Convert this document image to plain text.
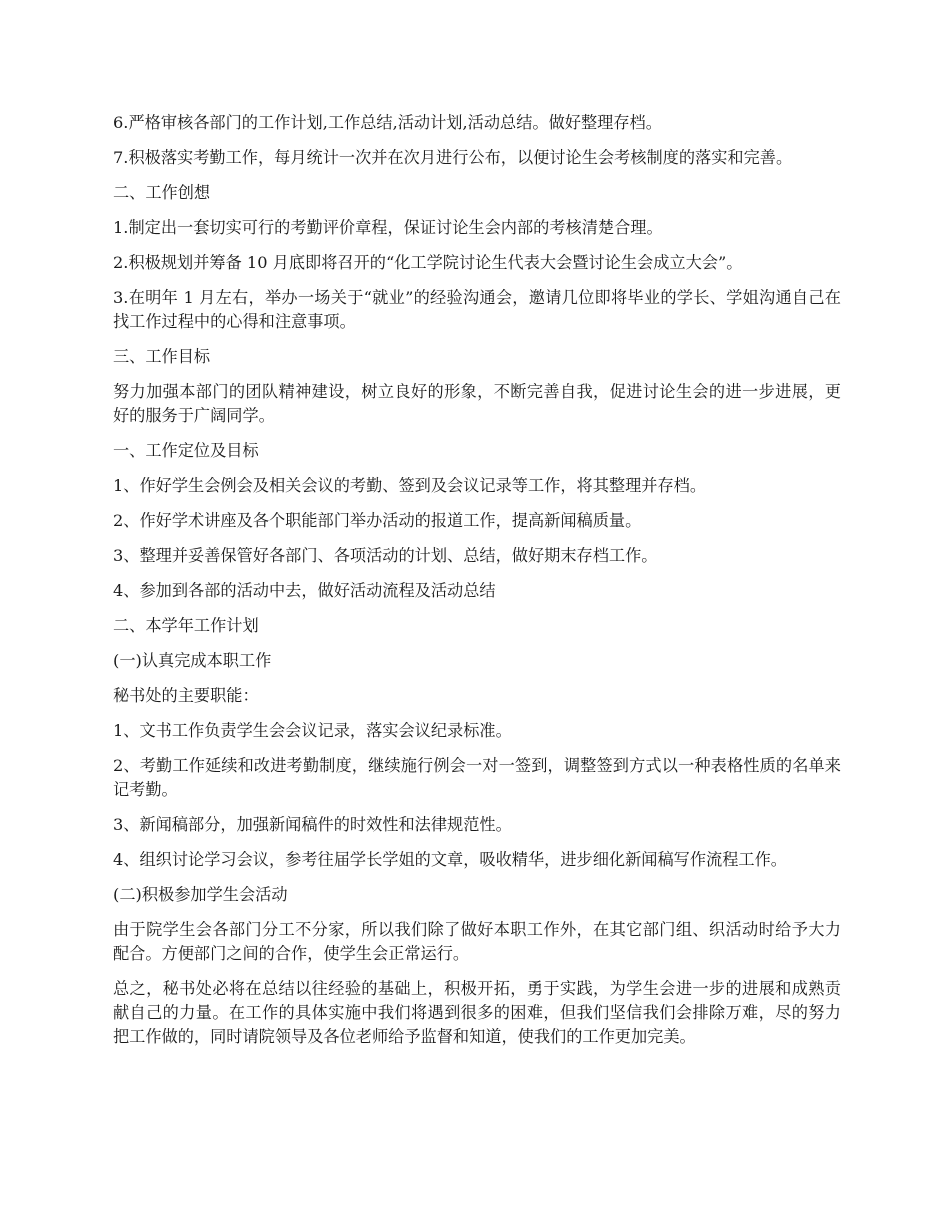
6.严格审核各部门的工作计划,工作总结,活动计划,活动总结。做好整理存档。

7.积极落实考勤工作，每月统计一次并在次月进行公布，以便讨论生会考核制度的落实和完善。

二、工作创想

1.制定出一套切实可行的考勤评价章程，保证讨论生会内部的考核清楚合理。

2.积极规划并筹备 10 月底即将召开的“化工学院讨论生代表大会暨讨论生会成立大会”。

3.在明年 1 月左右，举办一场关于“就业”的经验沟通会，邀请几位即将毕业的学长、学姐沟通自己在找工作过程中的心得和注意事项。

三、工作目标

努力加强本部门的团队精神建设，树立良好的形象，不断完善自我，促进讨论生会的进一步进展，更好的服务于广阔同学。

一、工作定位及目标

1、作好学生会例会及相关会议的考勤、签到及会议记录等工作，将其整理并存档。

2、作好学术讲座及各个职能部门举办活动的报道工作，提高新闻稿质量。

3、整理并妥善保管好各部门、各项活动的计划、总结，做好期末存档工作。

4、参加到各部的活动中去，做好活动流程及活动总结

二、本学年工作计划

(一)认真完成本职工作

秘书处的主要职能：

1、文书工作负责学生会会议记录，落实会议纪录标准。

2、考勤工作延续和改进考勤制度，继续施行例会一对一签到，调整签到方式以一种表格性质的名单来记考勤。

3、新闻稿部分，加强新闻稿件的时效性和法律规范性。

4、组织讨论学习会议，参考往届学长学姐的文章，吸收精华，进步细化新闻稿写作流程工作。

(二)积极参加学生会活动

由于院学生会各部门分工不分家，所以我们除了做好本职工作外，在其它部门组、织活动时给予大力配合。方便部门之间的合作，使学生会正常运行。

总之，秘书处必将在总结以往经验的基础上，积极开拓，勇于实践，为学生会进一步的进展和成熟贡献自己的力量。在工作的具体实施中我们将遇到很多的困难，但我们坚信我们会排除万难，尽的努力把工作做的，同时请院领导及各位老师给予监督和知道，使我们的工作更加完美。
